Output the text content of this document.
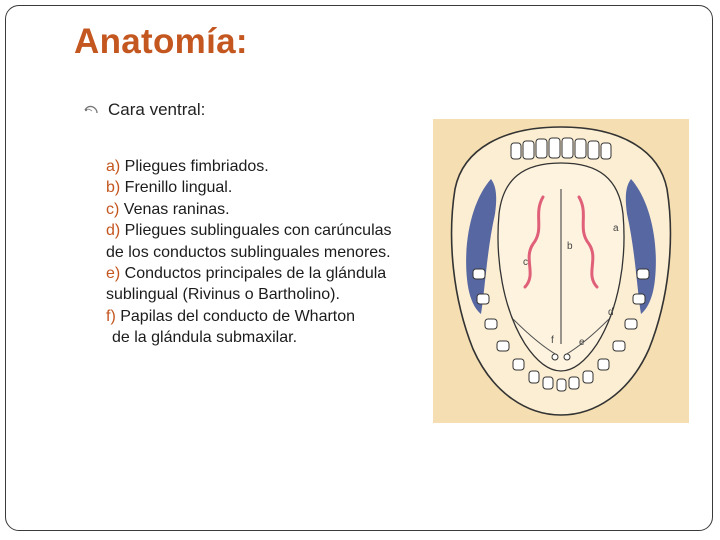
Anatomía:
Cara ventral:
a) Pliegues fimbriados.
b) Frenillo lingual.
c) Venas raninas.
d) Pliegues sublinguales con carúnculas
de los conductos sublinguales menores.
e) Conductos principales de la glándula
sublingual (Rivinus o Bartholino).
f) Papilas del conducto de Wharton
de la glándula submaxilar.
a
b
c
d
e
f
